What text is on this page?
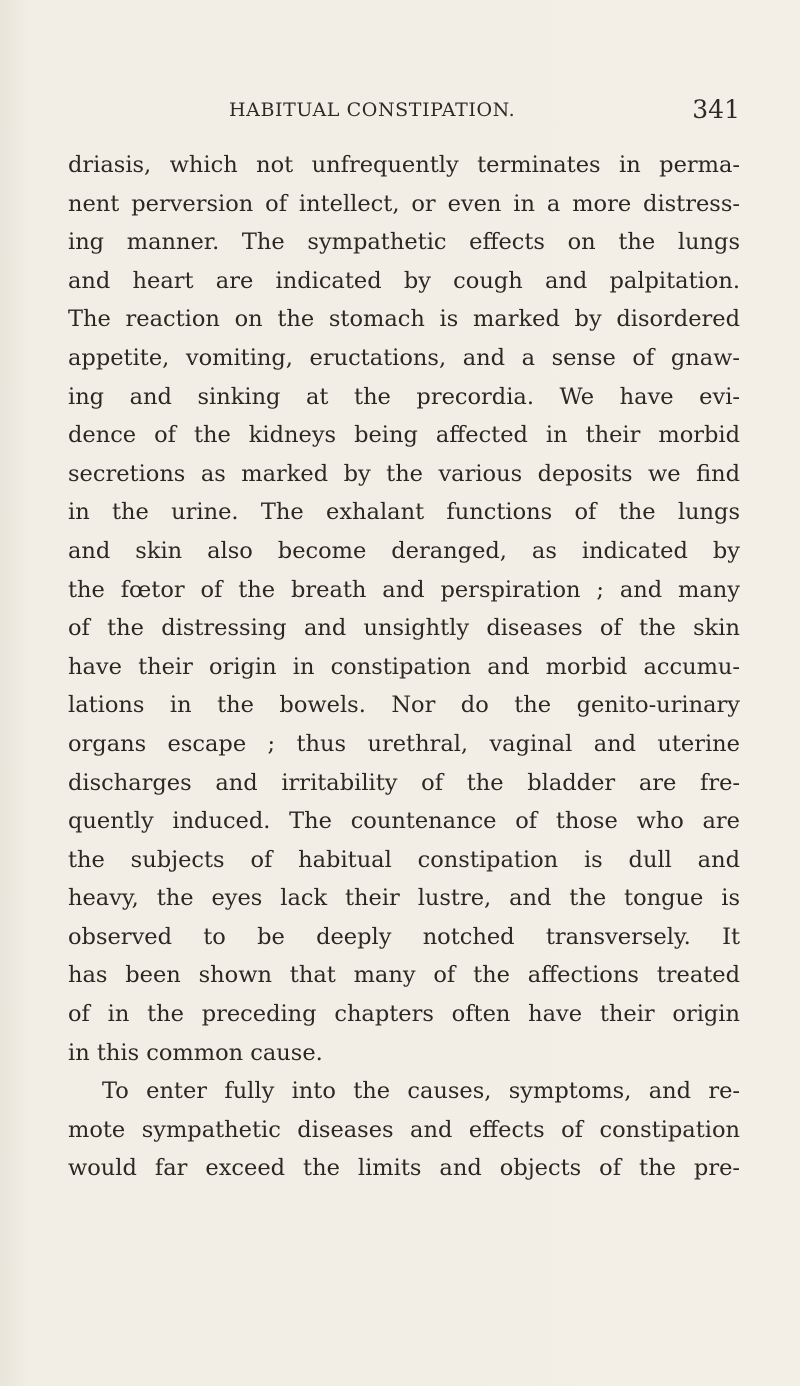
HABITUAL CONSTIPATION.	341
driasis, which not unfrequently terminates in perma-
nent perversion of intellect, or even in a more distress-
ing manner. The sympathetic effects on the lungs
and heart are indicated by cough and palpitation.
The reaction on the stomach is marked by disordered
appetite, vomiting, eructations, and a sense of gnaw-
ing and sinking at the precordia. We have evi-
dence of the kidneys being affected in their morbid
secretions as marked by the various deposits we find
in the urine. The exhalant functions of the lungs
and skin also become deranged, as indicated by
the fœtor of the breath and perspiration ; and many
of the distressing and unsightly diseases of the skin
have their origin in constipation and morbid accumu-
lations in the bowels. Nor do the genito-urinary
organs escape ; thus urethral, vaginal and uterine
discharges and irritability of the bladder are fre-
quently induced. The countenance of those who are
the subjects of habitual constipation is dull and
heavy, the eyes lack their lustre, and the tongue is
observed to be deeply notched transversely. It
has been shown that many of the affections treated
of in the preceding chapters often have their origin
in this common cause.
To enter fully into the causes, symptoms, and re-
mote sympathetic diseases and effects of constipation
would far exceed the limits and objects of the pre-
